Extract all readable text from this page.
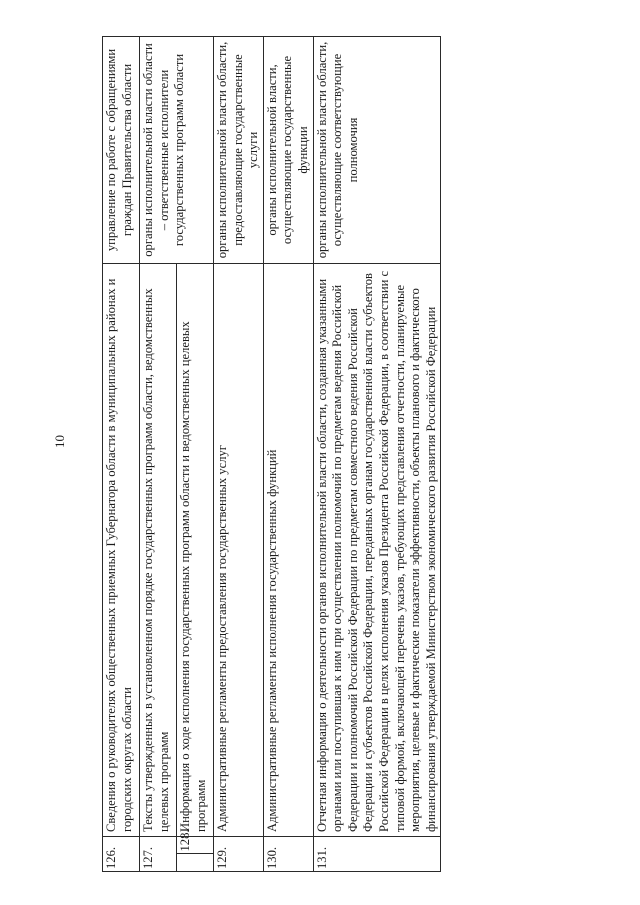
10
126.		Сведения о руководителях общественных приемных Губернатора области в муниципальных районах и городских округах области	управление по работе с обращениями граждан Правительства области
127.		Тексты утвержденных в установленном порядке государственных программ области, ведомственных целевых программ	органы исполнительной власти области – ответственные исполнители государственных программ области
	128.	Информация о ходе исполнения государственных программ области и ведомственных целевых программ	
129.		Административные регламенты предоставления государственных услуг	органы исполнительной власти области, предоставляющие государственные услуги
130.		Административные регламенты исполнения государственных функций	органы исполнительной власти, осуществляющие государственные функции
131.		Отчетная информация о деятельности органов исполнительной власти области, созданная указанными органами или поступившая к ним при осуществлении полномочий по предметам ведения Российской Федерации и полномочий Российской Федерации по предметам совместного ведения Российской Федерации и субъектов Российской Федерации, переданных органам государственной власти субъектов Российской Федерации в целях исполнения указов Президента Российской Федерации, в соответствии с типовой формой, включающей перечень указов, требующих представления отчетности, планируемые мероприятия, целевые и фактические показатели эффективности, объекты планового и фактического финансирования утверждаемой Министерством экономического развития Российской Федерации	органы исполнительной власти области, осуществляющие соответствующие полномочия
